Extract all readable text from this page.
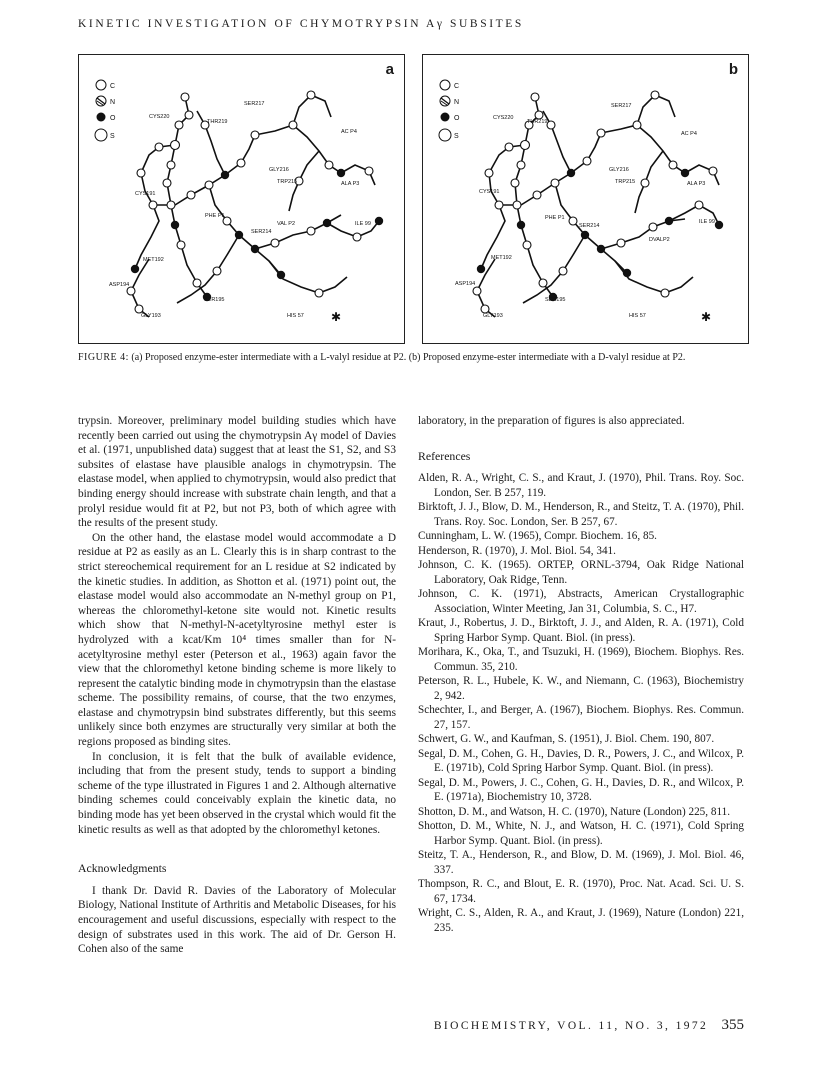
KINETIC INVESTIGATION OF CHYMOTRYPSIN Aγ SUBSITES
C
N
O
S
SER217
CYS220
THR219
AC P4
GLY216
TRP215	ALA P3
CYS191
PHE P1
VAL P2
SER214
ILE 99
MET192
ASP194
SER195
GLY193	HIS 57 ✱
a
C
N
O
S
SER217
CYS220
THR219
AC P4
GLY216
TRP215	ALA P3
CYS191
PHE P1
SER214
ILE 99
DVALP2
MET192
ASP194
SER195
GLY193	HIS 57	✱
b
FIGURE 4: (a) Proposed enzyme-ester intermediate with a L-valyl residue at P2. (b) Proposed enzyme-ester intermediate with a D-valyl residue at P2.

trypsin. Moreover, preliminary model building studies which have recently been carried out using the chymotrypsin Aγ model of Davies et al. (1971, unpublished data) suggest that at least the S1, S2, and S3 subsites of elastase have plausible analogs in chymotrypsin. The elastase model, when applied to chymotrypsin, would also predict that binding energy should increase with substrate chain length, and that a prolyl residue would fit at P2, but not P3, both of which agree with the results of the present study.

On the other hand, the elastase model would accommodate a D residue at P2 as easily as an L. Clearly this is in sharp contrast to the strict stereochemical requirement for an L residue at S2 indicated by the kinetic studies. In addition, as Shotton et al. (1971) point out, the elastase model would also accommodate an N-methyl group on P1, whereas the chloromethyl-ketone site would not. Kinetic results which show that N-methyl-N-acetyltyrosine methyl ester is hydrolyzed with a kcat/Km 10⁴ times smaller than for N-acetyltyrosine methyl ester (Peterson et al., 1963) again favor the view that the chloromethyl ketone binding scheme is more likely to represent the catalytic binding mode in chymotrypsin than the elastase scheme. The possibility remains, of course, that the two enzymes, elastase and chymotrypsin bind substrates differently, but this seems unlikely since both enzymes are structurally very similar at both the regions proposed as binding sites.

In conclusion, it is felt that the bulk of available evidence, including that from the present study, tends to support a binding scheme of the type illustrated in Figures 1 and 2. Although alternative binding schemes could conceivably explain the kinetic data, no binding mode has yet been observed in the crystal which would fit the kinetic results as well as that adopted by the chloromethyl ketones.

Acknowledgments

I thank Dr. David R. Davies of the Laboratory of Molecular Biology, National Institute of Arthritis and Metabolic Diseases, for his encouragement and useful discussions, especially with respect to the design of substrates used in this work. The aid of Dr. Gerson H. Cohen also of the same

laboratory, in the preparation of figures is also appreciated.

References

Alden, R. A., Wright, C. S., and Kraut, J. (1970), Phil. Trans. Roy. Soc. London, Ser. B 257, 119.

Birktoft, J. J., Blow, D. M., Henderson, R., and Steitz, T. A. (1970), Phil. Trans. Roy. Soc. London, Ser. B 257, 67.

Cunningham, L. W. (1965), Compr. Biochem. 16, 85.

Henderson, R. (1970), J. Mol. Biol. 54, 341.

Johnson, C. K. (1965). ORTEP, ORNL-3794, Oak Ridge National Laboratory, Oak Ridge, Tenn.

Johnson, C. K. (1971), Abstracts, American Crystallographic Association, Winter Meeting, Jan 31, Columbia, S. C., H7.

Kraut, J., Robertus, J. D., Birktoft, J. J., and Alden, R. A. (1971), Cold Spring Harbor Symp. Quant. Biol. (in press).

Morihara, K., Oka, T., and Tsuzuki, H. (1969), Biochem. Biophys. Res. Commun. 35, 210.

Peterson, R. L., Hubele, K. W., and Niemann, C. (1963), Biochemistry 2, 942.

Schechter, I., and Berger, A. (1967), Biochem. Biophys. Res. Commun. 27, 157.

Schwert, G. W., and Kaufman, S. (1951), J. Biol. Chem. 190, 807.

Segal, D. M., Cohen, G. H., Davies, D. R., Powers, J. C., and Wilcox, P. E. (1971b), Cold Spring Harbor Symp. Quant. Biol. (in press).

Segal, D. M., Powers, J. C., Cohen, G. H., Davies, D. R., and Wilcox, P. E. (1971a), Biochemistry 10, 3728.

Shotton, D. M., and Watson, H. C. (1970), Nature (London) 225, 811.

Shotton, D. M., White, N. J., and Watson, H. C. (1971), Cold Spring Harbor Symp. Quant. Biol. (in press).

Steitz, T. A., Henderson, R., and Blow, D. M. (1969), J. Mol. Biol. 46, 337.

Thompson, R. C., and Blout, E. R. (1970), Proc. Nat. Acad. Sci. U. S. 67, 1734.

Wright, C. S., Alden, R. A., and Kraut, J. (1969), Nature (London) 221, 235.

BIOCHEMISTRY, VOL. 11, NO. 3, 1972 355
